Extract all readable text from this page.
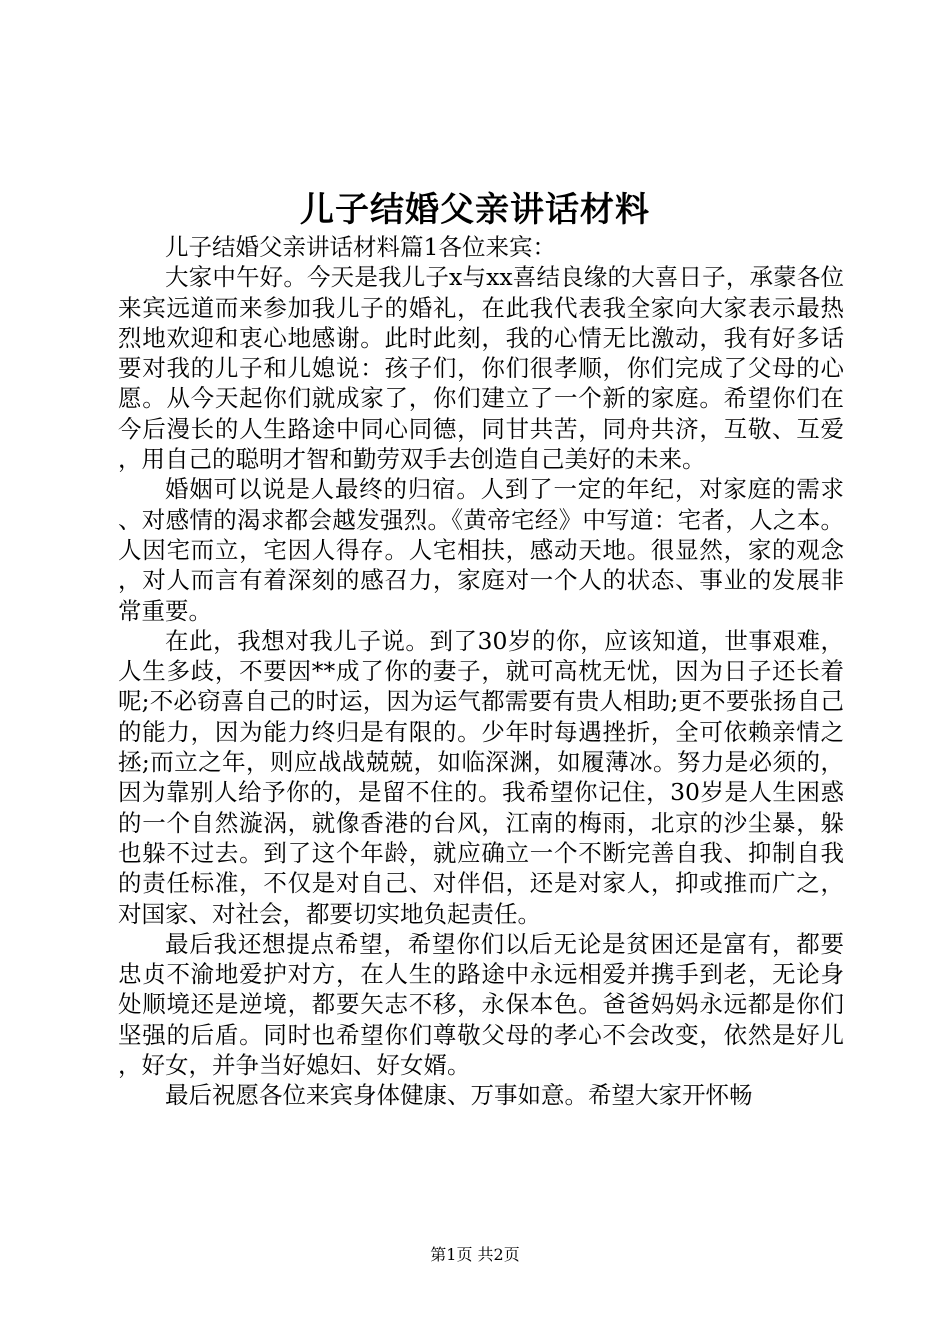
儿子结婚父亲讲话材料

儿子结婚父亲讲话材料篇1各位来宾：

大家中午好。今天是我儿子x与xx喜结良缘的大喜日子，承蒙各位来宾远道而来参加我儿子的婚礼，在此我代表我全家向大家表示最热烈地欢迎和衷心地感谢。此时此刻，我的心情无比激动，我有好多话要对我的儿子和儿媳说：孩子们，你们很孝顺，你们完成了父母的心愿。从今天起你们就成家了，你们建立了一个新的家庭。希望你们在今后漫长的人生路途中同心同德，同甘共苦，同舟共济，互敬、互爱，用自己的聪明才智和勤劳双手去创造自己美好的未来。

婚姻可以说是人最终的归宿。人到了一定的年纪，对家庭的需求、对感情的渴求都会越发强烈。《黄帝宅经》中写道：宅者，人之本。人因宅而立，宅因人得存。人宅相扶，感动天地。很显然，家的观念，对人而言有着深刻的感召力，家庭对一个人的状态、事业的发展非常重要。

在此，我想对我儿子说。到了30岁的你，应该知道，世事艰难，人生多歧，不要因**成了你的妻子，就可高枕无忧，因为日子还长着呢;不必窃喜自己的时运，因为运气都需要有贵人相助;更不要张扬自己的能力，因为能力终归是有限的。少年时每遇挫折，全可依赖亲情之拯;而立之年，则应战战兢兢，如临深渊，如履薄冰。努力是必须的，因为靠别人给予你的，是留不住的。我希望你记住，30岁是人生困惑的一个自然漩涡，就像香港的台风，江南的梅雨，北京的沙尘暴，躲也躲不过去。到了这个年龄，就应确立一个不断完善自我、抑制自我的责任标准，不仅是对自己、对伴侣，还是对家人，抑或推而广之，对国家、对社会，都要切实地负起责任。

最后我还想提点希望，希望你们以后无论是贫困还是富有，都要忠贞不渝地爱护对方，在人生的路途中永远相爱并携手到老，无论身处顺境还是逆境，都要矢志不移，永保本色。爸爸妈妈永远都是你们坚强的后盾。同时也希望你们尊敬父母的孝心不会改变，依然是好儿，好女，并争当好媳妇、好女婿。

最后祝愿各位来宾身体健康、万事如意。希望大家开怀畅

第1页 共2页
